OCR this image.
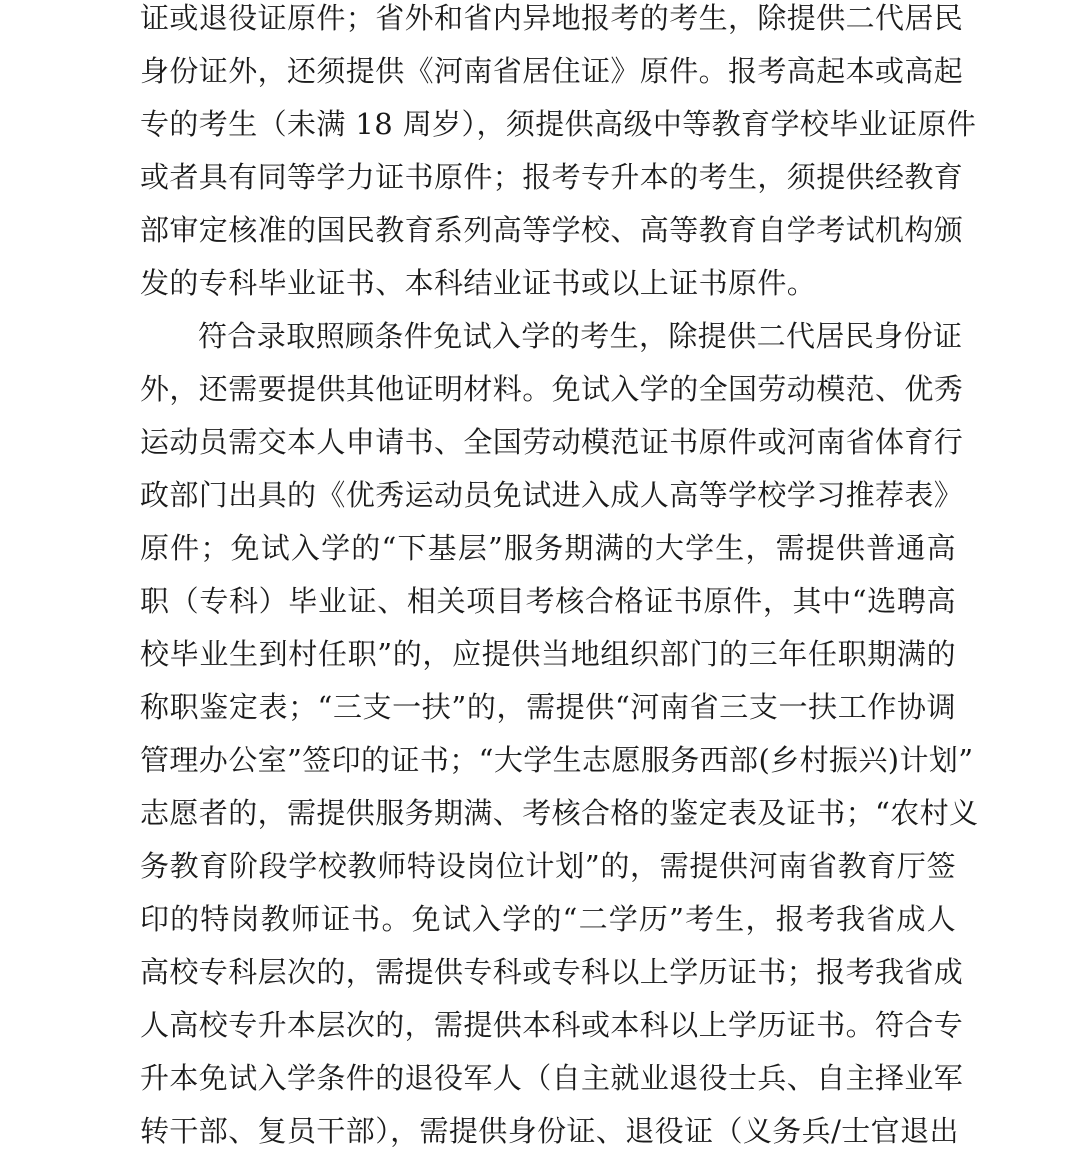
证或退役证原件；省外和省内异地报考的考生，除提供二代居民
身份证外，还须提供《河南省居住证》原件。报考高起本或高起
专的考生（未满 18 周岁），须提供高级中等教育学校毕业证原件
或者具有同等学力证书原件；报考专升本的考生，须提供经教育
部审定核准的国民教育系列高等学校、高等教育自学考试机构颁
发的专科毕业证书、本科结业证书或以上证书原件。
符合录取照顾条件免试入学的考生，除提供二代居民身份证
外，还需要提供其他证明材料。免试入学的全国劳动模范、优秀
运动员需交本人申请书、全国劳动模范证书原件或河南省体育行
政部门出具的《优秀运动员免试进入成人高等学校学习推荐表》
原件；免试入学的“下基层”服务期满的大学生，需提供普通高
职（专科）毕业证、相关项目考核合格证书原件，其中“选聘高
校毕业生到村任职”的，应提供当地组织部门的三年任职期满的
称职鉴定表；“三支一扶”的，需提供“河南省三支一扶工作协调
管理办公室”签印的证书；“大学生志愿服务西部(乡村振兴)计划”
志愿者的，需提供服务期满、考核合格的鉴定表及证书；“农村义
务教育阶段学校教师特设岗位计划”的，需提供河南省教育厅签
印的特岗教师证书。免试入学的“二学历”考生，报考我省成人
高校专科层次的，需提供专科或专科以上学历证书；报考我省成
人高校专升本层次的，需提供本科或本科以上学历证书。符合专
升本免试入学条件的退役军人（自主就业退役士兵、自主择业军
转干部、复员干部），需提供身份证、退役证（义务兵/士官退出
